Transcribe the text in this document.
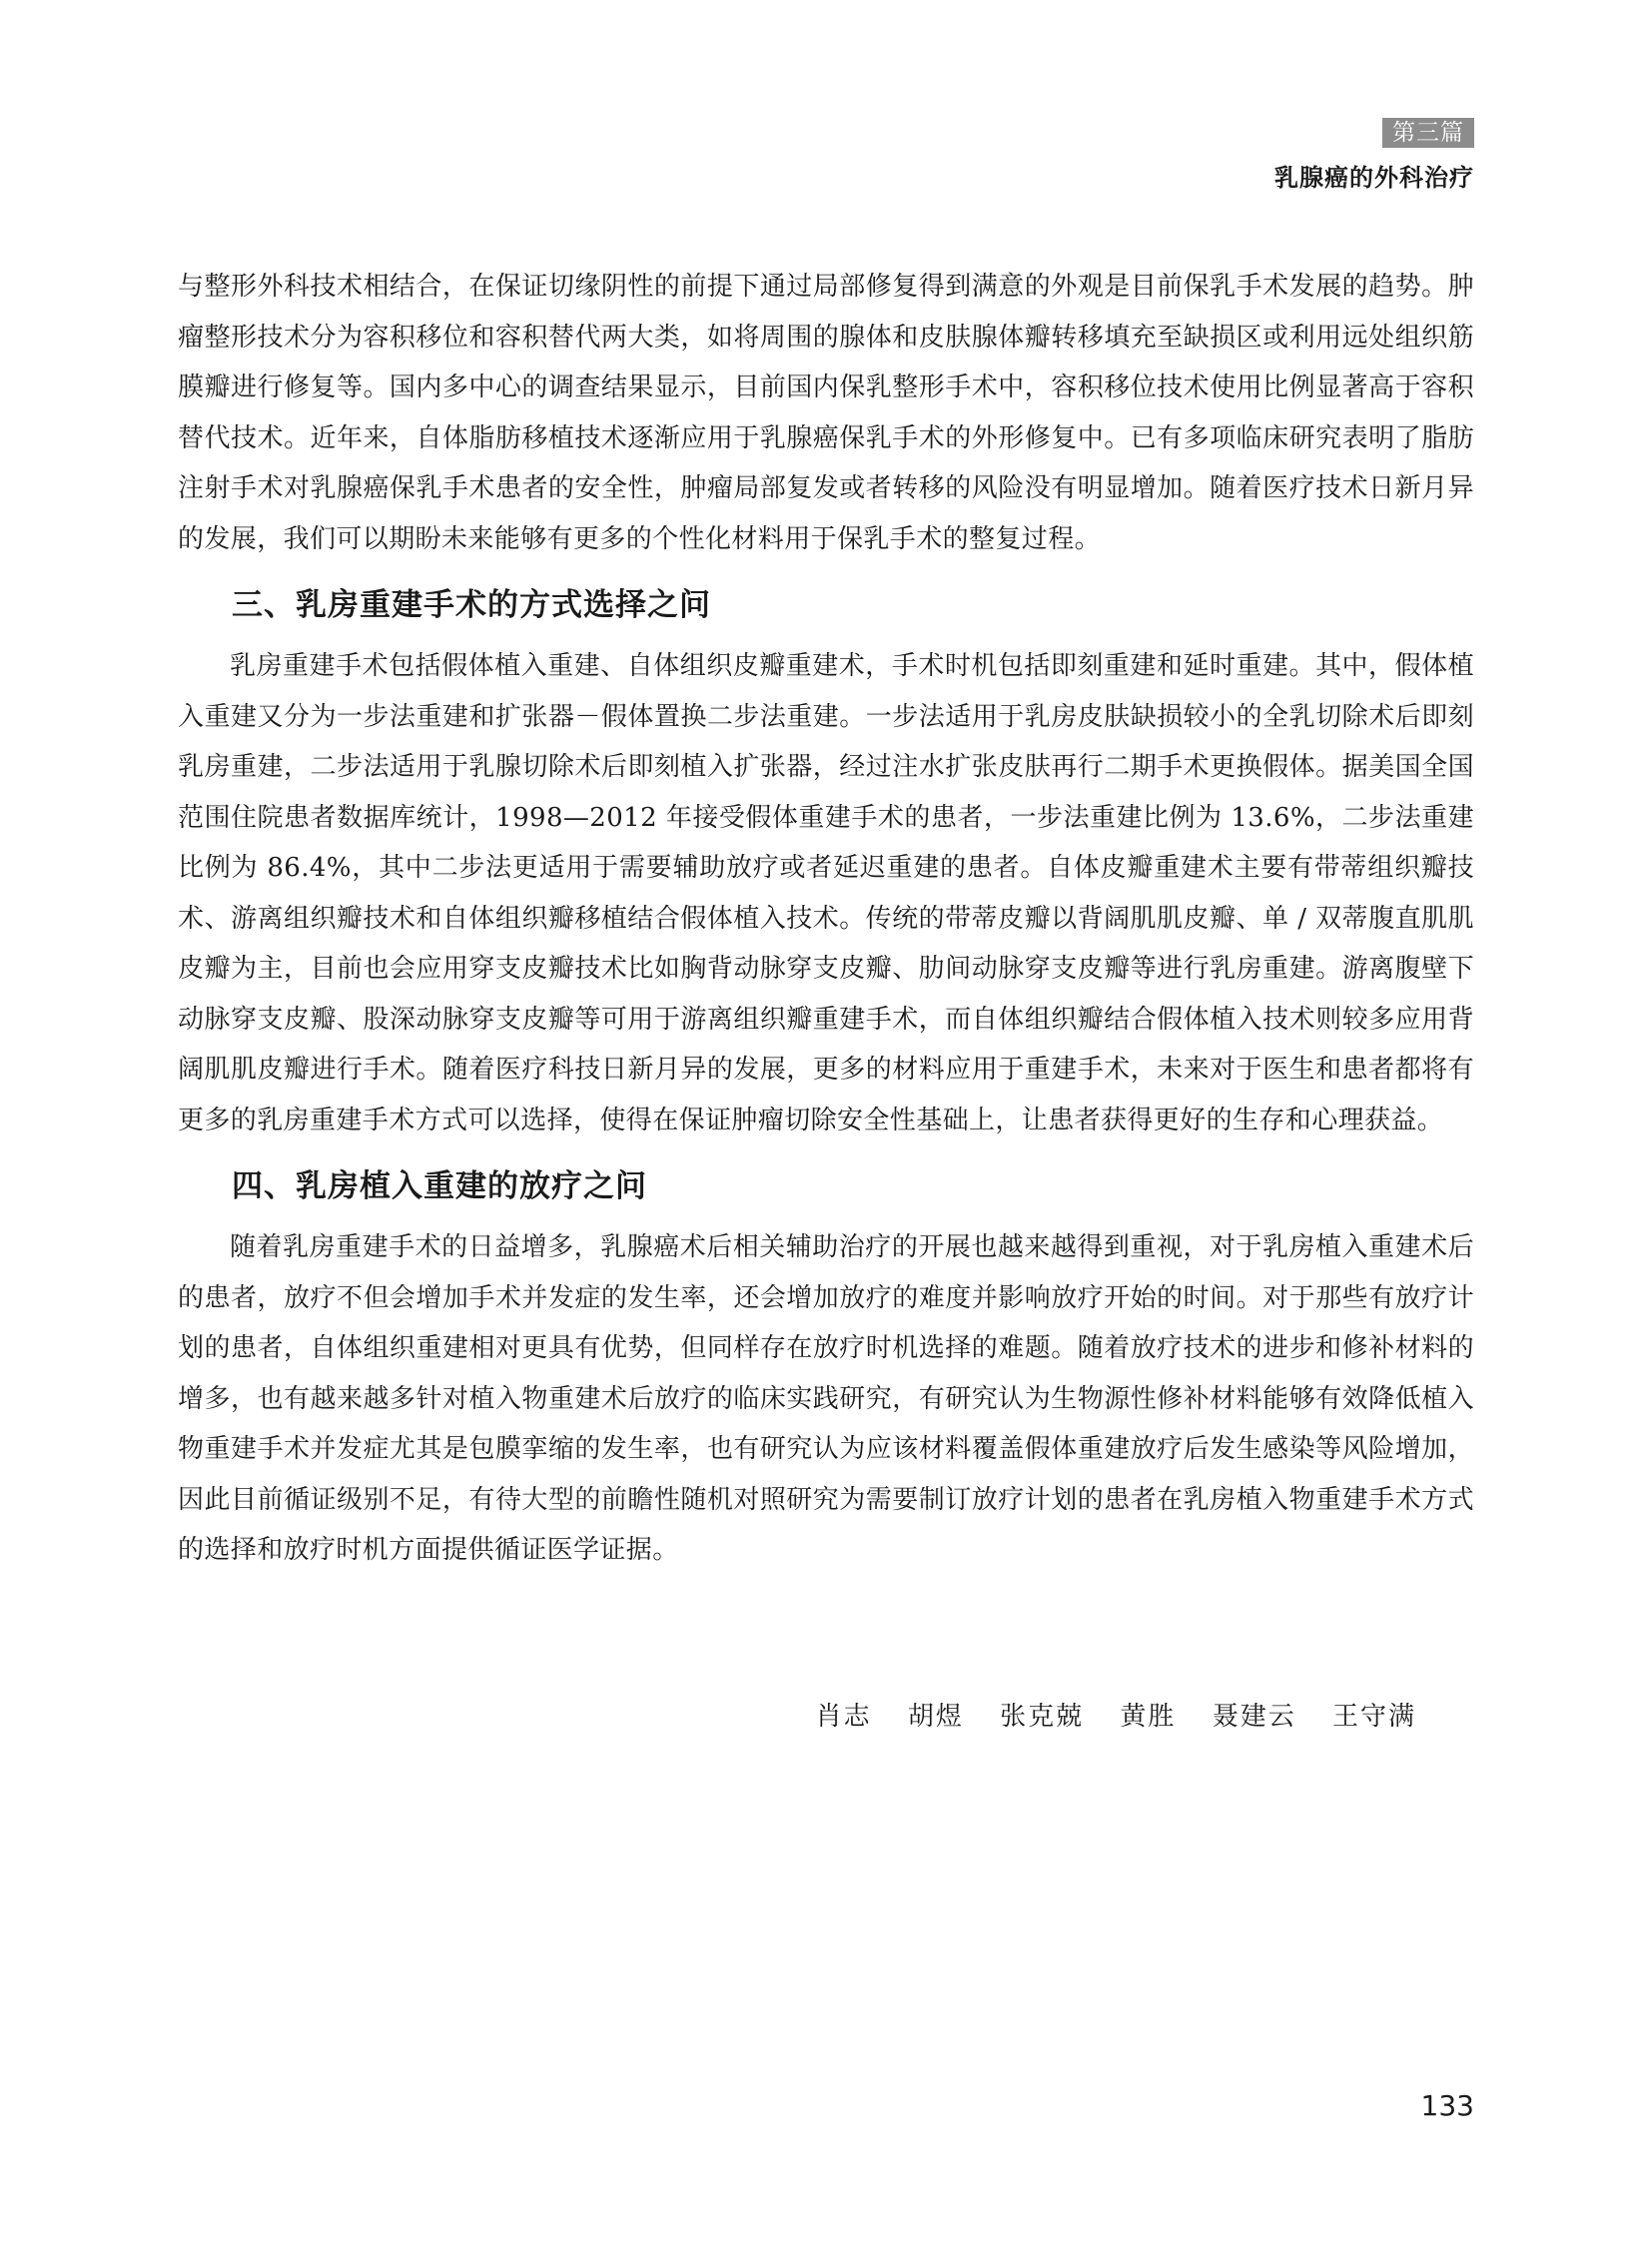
第三篇
乳腺癌的外科治疗

与整形外科技术相结合，在保证切缘阴性的前提下通过局部修复得到满意的外观是目前保乳手术发展的趋势。肿瘤整形技术分为容积移位和容积替代两大类，如将周围的腺体和皮肤腺体瓣转移填充至缺损区或利用远处组织筋膜瓣进行修复等。国内多中心的调查结果显示，目前国内保乳整形手术中，容积移位技术使用比例显著高于容积替代技术。近年来，自体脂肪移植技术逐渐应用于乳腺癌保乳手术的外形修复中。已有多项临床研究表明了脂肪注射手术对乳腺癌保乳手术患者的安全性，肿瘤局部复发或者转移的风险没有明显增加。随着医疗技术日新月异的发展，我们可以期盼未来能够有更多的个性化材料用于保乳手术的整复过程。

三、乳房重建手术的方式选择之问

乳房重建手术包括假体植入重建、自体组织皮瓣重建术，手术时机包括即刻重建和延时重建。其中，假体植入重建又分为一步法重建和扩张器－假体置换二步法重建。一步法适用于乳房皮肤缺损较小的全乳切除术后即刻乳房重建，二步法适用于乳腺切除术后即刻植入扩张器，经过注水扩张皮肤再行二期手术更换假体。据美国全国范围住院患者数据库统计，1998—2012 年接受假体重建手术的患者，一步法重建比例为 13.6%，二步法重建比例为 86.4%，其中二步法更适用于需要辅助放疗或者延迟重建的患者。自体皮瓣重建术主要有带蒂组织瓣技术、游离组织瓣技术和自体组织瓣移植结合假体植入技术。传统的带蒂皮瓣以背阔肌肌皮瓣、单 / 双蒂腹直肌肌皮瓣为主，目前也会应用穿支皮瓣技术比如胸背动脉穿支皮瓣、肋间动脉穿支皮瓣等进行乳房重建。游离腹壁下动脉穿支皮瓣、股深动脉穿支皮瓣等可用于游离组织瓣重建手术，而自体组织瓣结合假体植入技术则较多应用背阔肌肌皮瓣进行手术。随着医疗科技日新月异的发展，更多的材料应用于重建手术，未来对于医生和患者都将有更多的乳房重建手术方式可以选择，使得在保证肿瘤切除安全性基础上，让患者获得更好的生存和心理获益。

四、乳房植入重建的放疗之问

随着乳房重建手术的日益增多，乳腺癌术后相关辅助治疗的开展也越来越得到重视，对于乳房植入重建术后的患者，放疗不但会增加手术并发症的发生率，还会增加放疗的难度并影响放疗开始的时间。对于那些有放疗计划的患者，自体组织重建相对更具有优势，但同样存在放疗时机选择的难题。随着放疗技术的进步和修补材料的增多，也有越来越多针对植入物重建术后放疗的临床实践研究，有研究认为生物源性修补材料能够有效降低植入物重建手术并发症尤其是包膜挛缩的发生率，也有研究认为应该材料覆盖假体重建放疗后发生感染等风险增加，因此目前循证级别不足，有待大型的前瞻性随机对照研究为需要制订放疗计划的患者在乳房植入物重建手术方式的选择和放疗时机方面提供循证医学证据。

肖志 胡煜 张克兢 黄胜 聂建云 王守满
133
